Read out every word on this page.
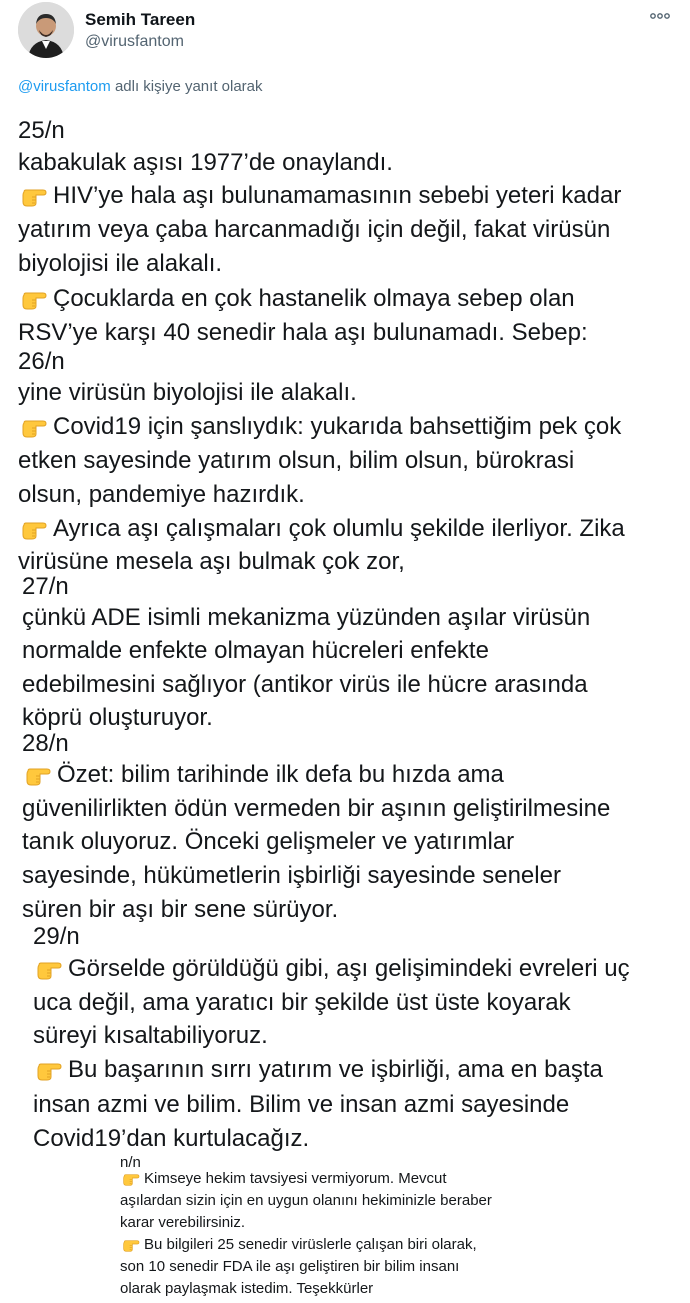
Semih Tareen
@virusfantom
@virusfantom adlı kişiye yanıt olarak
25/n
kabakulak aşısı 1977’de onaylandı.
HIV’ye hala aşı bulunamamasının sebebi yeteri kadar
yatırım veya çaba harcanmadığı için değil, fakat virüsün
biyolojisi ile alakalı.
Çocuklarda en çok hastanelik olmaya sebep olan
RSV’ye karşı 40 senedir hala aşı bulunamadı. Sebep:
26/n
yine virüsün biyolojisi ile alakalı.
Covid19 için şanslıydık: yukarıda bahsettiğim pek çok
etken sayesinde yatırım olsun, bilim olsun, bürokrasi
olsun, pandemiye hazırdık.
Ayrıca aşı çalışmaları çok olumlu şekilde ilerliyor. Zika
virüsüne mesela aşı bulmak çok zor,
27/n
çünkü ADE isimli mekanizma yüzünden aşılar virüsün
normalde enfekte olmayan hücreleri enfekte
edebilmesini sağlıyor (antikor virüs ile hücre arasında
köprü oluşturuyor.
28/n
Özet: bilim tarihinde ilk defa bu hızda ama
güvenilirlikten ödün vermeden bir aşının geliştirilmesine
tanık oluyoruz. Önceki gelişmeler ve yatırımlar
sayesinde, hükümetlerin işbirliği sayesinde seneler
süren bir aşı bir sene sürüyor.
29/n
Görselde görüldüğü gibi, aşı gelişimindeki evreleri uç
uca değil, ama yaratıcı bir şekilde üst üste koyarak
süreyi kısaltabiliyoruz.
Bu başarının sırrı yatırım ve işbirliği, ama en başta
insan azmi ve bilim. Bilim ve insan azmi sayesinde
Covid19’dan kurtulacağız.
n/n
Kimseye hekim tavsiyesi vermiyorum. Mevcut
aşılardan sizin için en uygun olanını hekiminizle beraber
karar verebilirsiniz.
Bu bilgileri 25 senedir virüslerle çalışan biri olarak,
son 10 senedir FDA ile aşı geliştiren bir bilim insanı
olarak paylaşmak istedim. Teşekkürler
